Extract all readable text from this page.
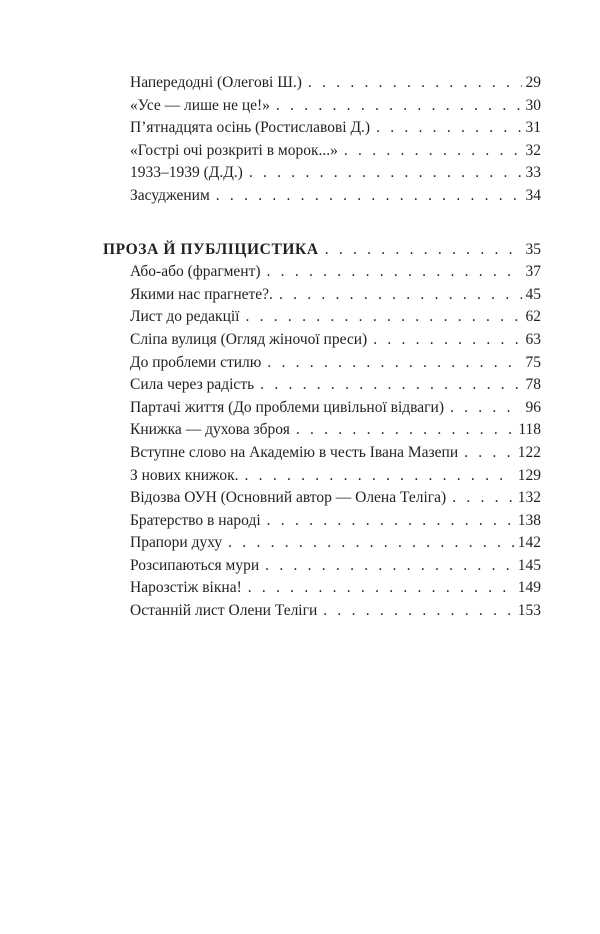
Напередодні (Олегові Ш.) . . .	29
«Усе — лише не це!» . . .	30
П’ятнадцята осінь (Ростиславові Д.) . . .	31
«Гострі очі розкриті в морок...» . . .	32
1933–1939 (Д.Д.) . . .	33
Засудженим . . .	34
ПРОЗА Й ПУБЛІЦИСТИКА . . .	35
Або-або (фрагмент) . . .	37
Якими нас прагнете?. . . .	45
Лист до редакції . . .	62
Сліпа вулиця (Огляд жіночої преси) . . .	63
До проблеми стилю . . .	75
Сила через радість . . .	78
Партачі життя (До проблеми цивільної відваги) . . .	96
Книжка — духова зброя . . .	118
Вступне слово на Академію в честь Івана Мазепи . . .	122
З нових книжок. . . .	129
Відозва ОУН (Основний автор — Олена Теліга) . . .	132
Братерство в народі . . .	138
Прапори духу . . .	142
Розсипаються мури . . .	145
Нарозстіж вікна! . . .	149
Останній лист Олени Теліги . . .	153
